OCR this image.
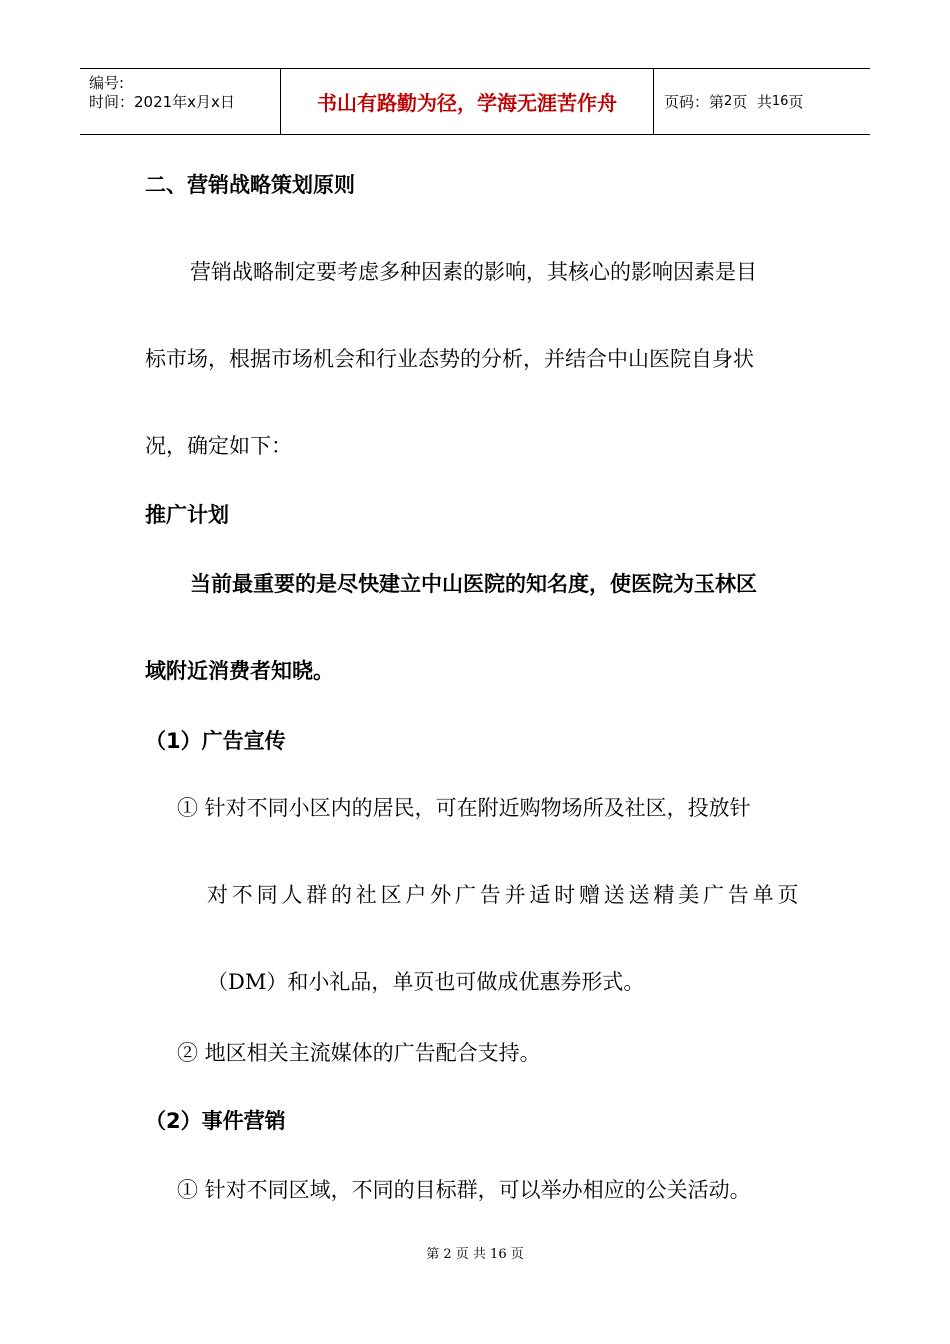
编号:
时间：2021年x月x日	书山有路勤为径，学海无涯苦作舟	页码：第 2 页  共 16 页
二、营销战略策划原则
营销战略制定要考虑多种因素的影响，其核心的影响因素是目
标市场，根据市场机会和行业态势的分析，并结合中山医院自身状
况，确定如下：
推广计划
当前最重要的是尽快建立中山医院的知名度，使医院为玉林区
域附近消费者知晓。
（1）广告宣传
① 针对不同小区内的居民，可在附近购物场所及社区，投放针
对不同人群的社区户外广告并适时赠送送精美广告单页
（DM）和小礼品，单页也可做成优惠券形式。
② 地区相关主流媒体的广告配合支持。
（2）事件营销
① 针对不同区域，不同的目标群，可以举办相应的公关活动。
第 2 页 共 16 页
